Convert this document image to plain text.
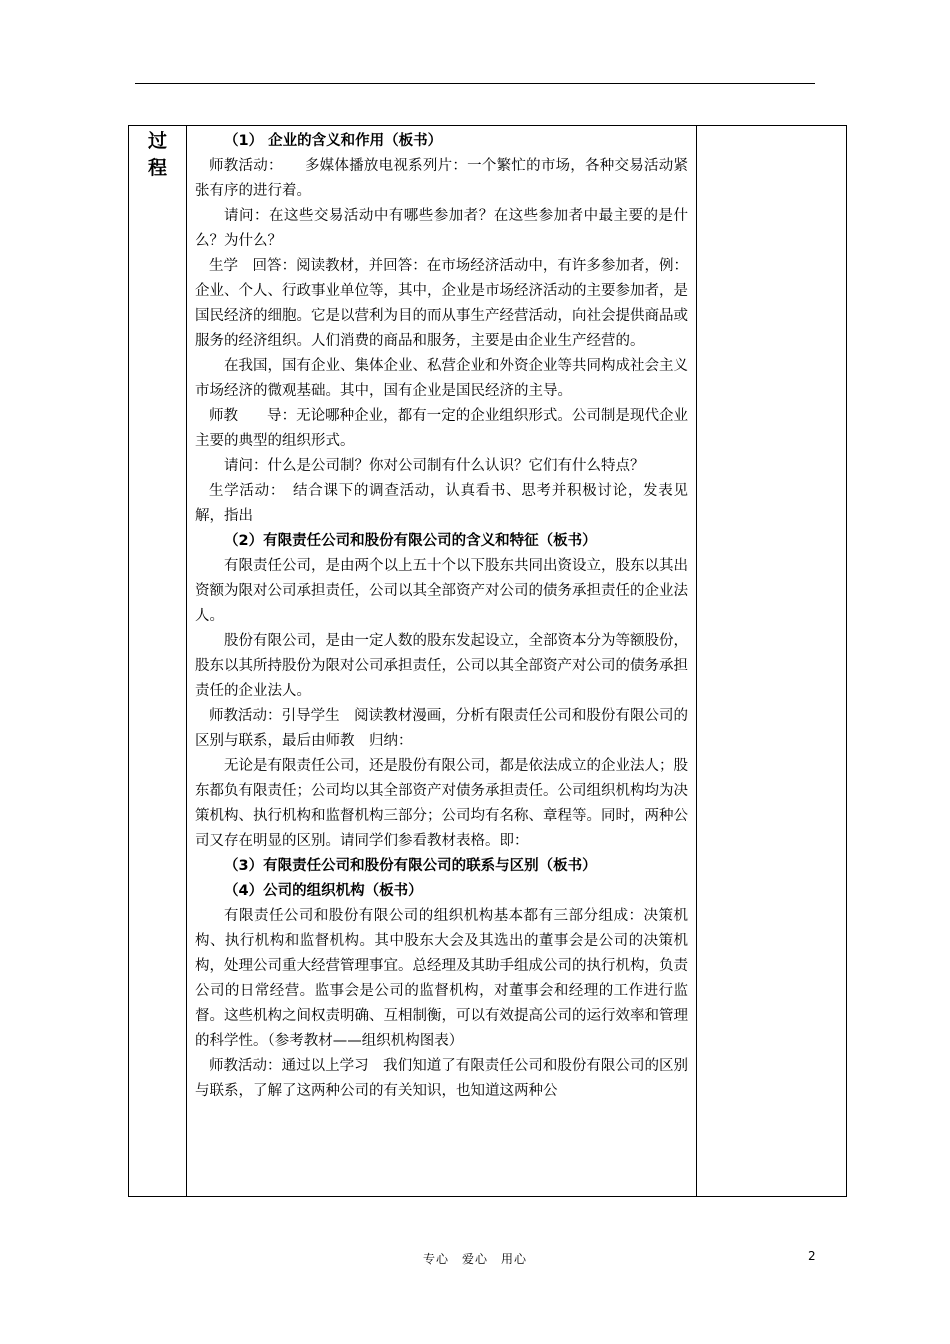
过
程

（1） 企业的含义和作用（板书）

师教活动：　　多媒体播放电视系列片：一个繁忙的市场，各种交易活动紧张有序的进行着。

请问：在这些交易活动中有哪些参加者？在这些参加者中最主要的是什么？为什么？

生学　回答：阅读教材，并回答：在市场经济活动中，有许多参加者，例：企业、个人、行政事业单位等，其中，企业是市场经济活动的主要参加者，是国民经济的细胞。它是以营利为目的而从事生产经营活动，向社会提供商品或服务的经济组织。人们消费的商品和服务，主要是由企业生产经营的。

在我国，国有企业、集体企业、私营企业和外资企业等共同构成社会主义市场经济的微观基础。其中，国有企业是国民经济的主导。

师教　　导：无论哪种企业，都有一定的企业组织形式。公司制是现代企业主要的典型的组织形式。

请问：什么是公司制？你对公司制有什么认识？它们有什么特点？

生学活动：　结合课下的调查活动，认真看书、思考并积极讨论，发表见解，指出

（2）有限责任公司和股份有限公司的含义和特征（板书）

有限责任公司，是由两个以上五十个以下股东共同出资设立，股东以其出资额为限对公司承担责任，公司以其全部资产对公司的债务承担责任的企业法人。

股份有限公司，是由一定人数的股东发起设立，全部资本分为等额股份，股东以其所持股份为限对公司承担责任，公司以其全部资产对公司的债务承担责任的企业法人。

师教活动：引导学生　阅读教材漫画，分析有限责任公司和股份有限公司的区别与联系，最后由师教　归纳：

无论是有限责任公司，还是股份有限公司，都是依法成立的企业法人；股东都负有限责任；公司均以其全部资产对债务承担责任。公司组织机构均为决策机构、执行机构和监督机构三部分；公司均有名称、章程等。同时，两种公司又存在明显的区别。请同学们参看教材表格。即：

（3）有限责任公司和股份有限公司的联系与区别（板书）

（4）公司的组织机构（板书）

有限责任公司和股份有限公司的组织机构基本都有三部分组成：决策机构、执行机构和监督机构。其中股东大会及其选出的董事会是公司的决策机构，处理公司重大经营管理事宜。总经理及其助手组成公司的执行机构，负责公司的日常经营。监事会是公司的监督机构，对董事会和经理的工作进行监督。这些机构之间权责明确、互相制衡，可以有效提高公司的运行效率和管理的科学性。（参考教材——组织机构图表）

师教活动：通过以上学习　我们知道了有限责任公司和股份有限公司的区别与联系，了解了这两种公司的有关知识，也知道这两种公

专心　爱心　用心	2
